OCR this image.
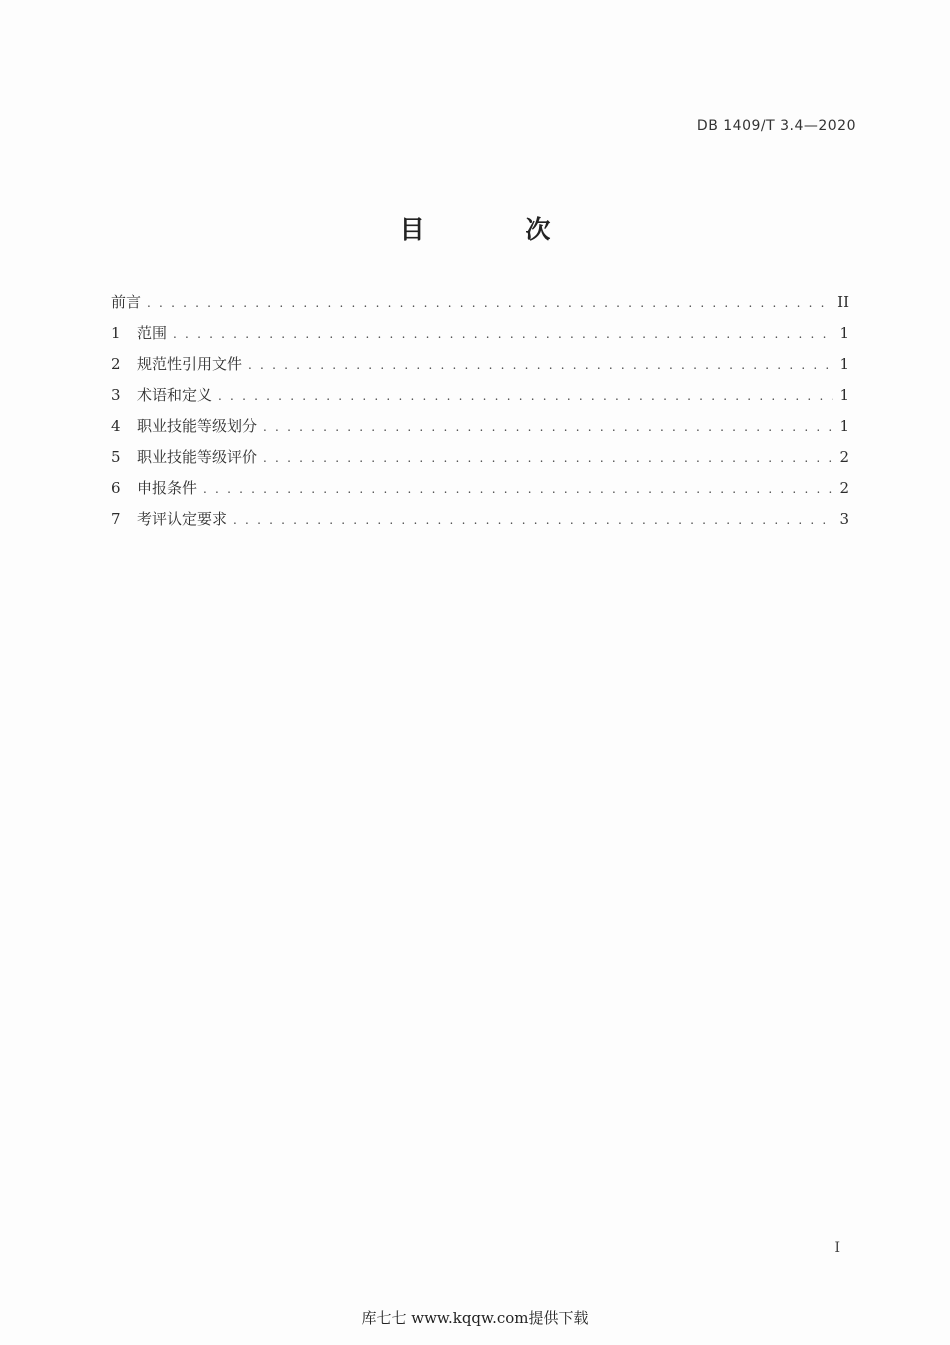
DB 1409/T 3.4—2020
目 次
前言 . . .	II
1	范围 . . .	1
2	规范性引用文件 . . .	1
3	术语和定义 . . .	1
4	职业技能等级划分 . . .	1
5	职业技能等级评价 . . .	2
6	申报条件 . . .	2
7	考评认定要求 . . .	3
I
库七七 www.kqqw.com提供下载
